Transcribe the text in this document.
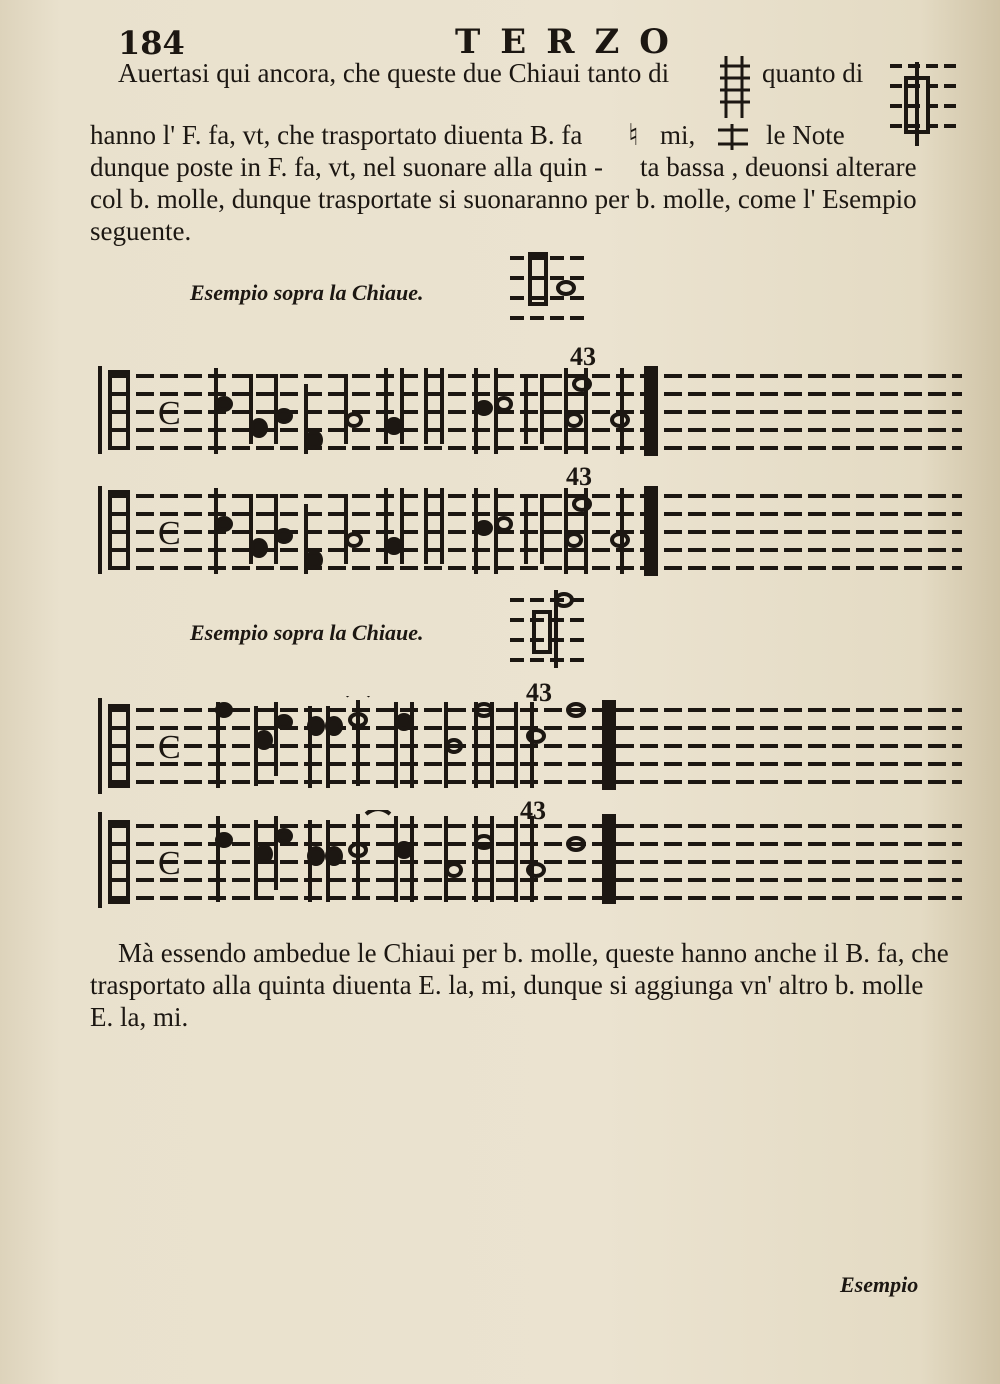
184	TERZO
Auertasi qui ancora, che queste due Chiaui tanto di	quanto di
hanno l' F. fa, vt, che trasportato diuenta B. fa ♮ mi,	le Note
dunque poste in F. fa, vt, nel suonare alla quin - ta bassa , deuonsi alterare
col b. molle, dunque trasportate si suonaranno per b. molle, come l' Esempio
seguente.
Esempio sopra la Chiaue.
43
C
43
C
Esempio sopra la Chiaue.
43
C
43
C
Mà essendo ambedue le Chiaui per b. molle, queste hanno anche il B. fa, che
trasportato alla quinta diuenta E. la, mi, dunque si aggiunga vn' altro b. molle
E. la, mi.
Esempio
